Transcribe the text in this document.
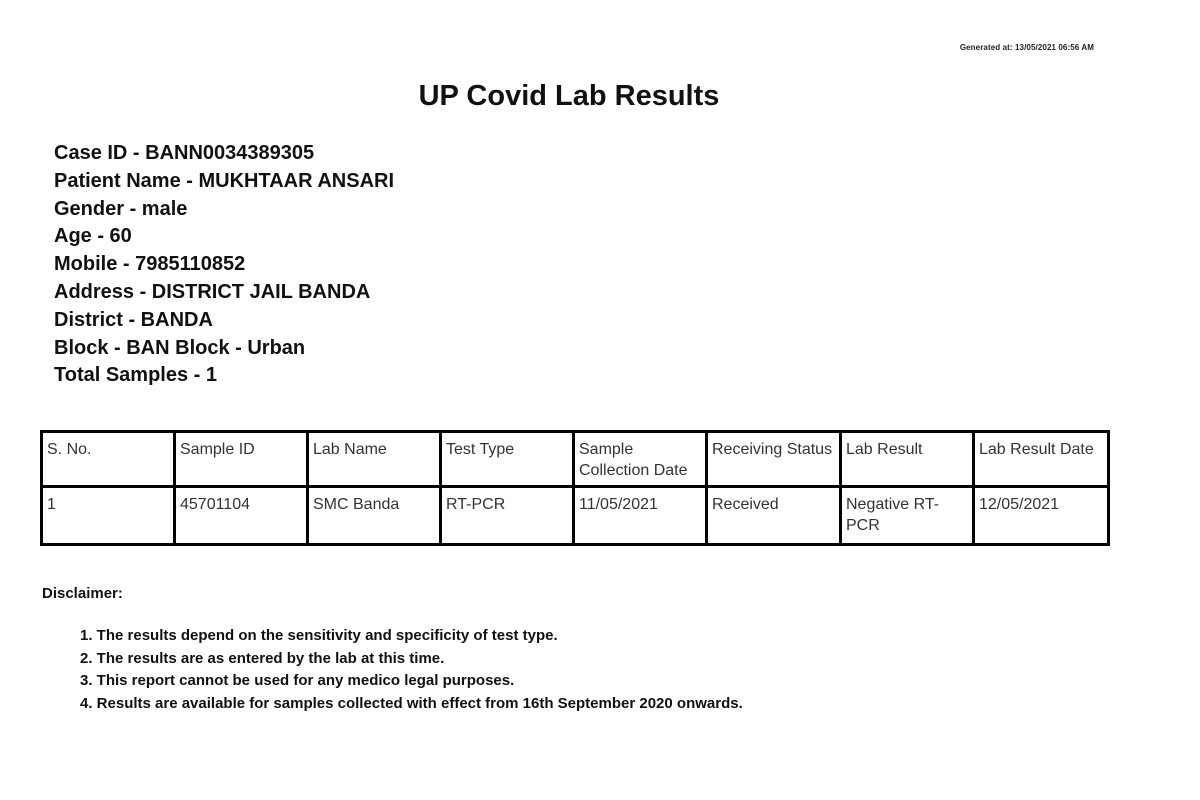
Generated at: 13/05/2021 06:56 AM
UP Covid Lab Results
Case ID - BANN0034389305
Patient Name - MUKHTAAR ANSARI
Gender - male
Age - 60
Mobile - 7985110852
Address - DISTRICT JAIL BANDA
District - BANDA
Block - BAN Block - Urban
Total Samples - 1
S. No.	Sample ID	Lab Name	Test Type	Sample Collection Date	Receiving Status	Lab Result	Lab Result Date
1	45701104	SMC Banda	RT-PCR	11/05/2021	Received	Negative RT-PCR	12/05/2021
Disclaimer:
1. The results depend on the sensitivity and specificity of test type.
2. The results are as entered by the lab at this time.
3. This report cannot be used for any medico legal purposes.
4. Results are available for samples collected with effect from 16th September 2020 onwards.
